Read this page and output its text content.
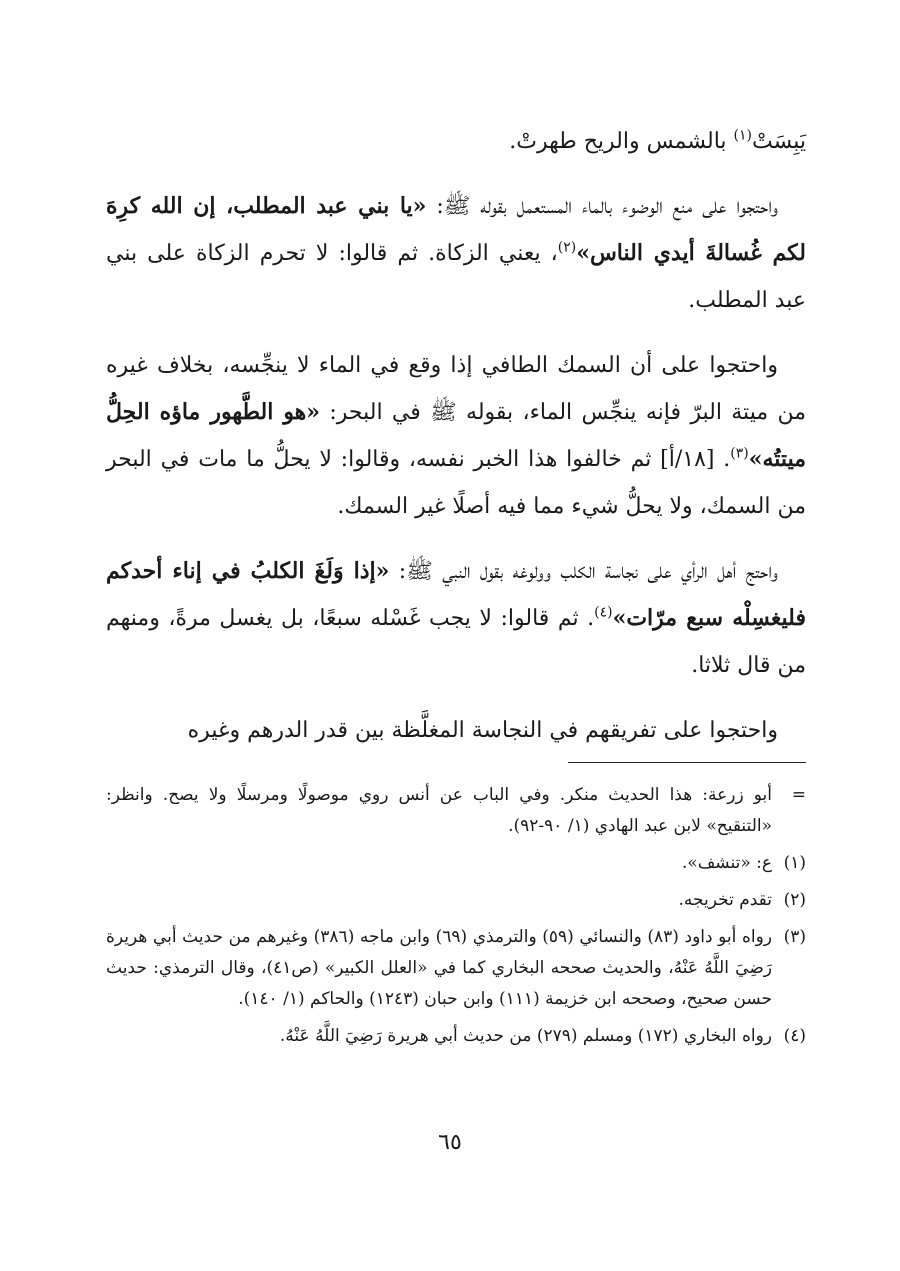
يَبِسَتْ$^{(١)}$ بالشمس والريح طهرتْ.

واحتجوا على منع الوضوء بالماء المستعمل بقوله ﷺ: «يا بني عبد المطلب، إن الله كرِهَ لكم غُسالةَ أيدي الناس»$^{(٢)}$، يعني الزكاة. ثم قالوا: لا تحرم الزكاة على بني عبد المطلب.

واحتجوا على أن السمك الطافي إذا وقع في الماء لا ينجِّسه، بخلاف غيره من ميتة البرّ فإنه ينجِّس الماء، بقوله ﷺ في البحر: «هو الطَّهور ماؤه الحِلُّ ميتتُه»$^{(٣)}$. [١٨/أ] ثم خالفوا هذا الخبر نفسه، وقالوا: لا يحلُّ ما مات في البحر من السمك، ولا يحلُّ شيء مما فيه أصلًا غير السمك.

واحتج أهل الرأي على نجاسة الكلب وولوغه بقول النبي ﷺ: «إذا وَلَغَ الكلبُ في إناء أحدكم فليغسِلْه سبع مرّات»$^{(٤)}$. ثم قالوا: لا يجب غَسْله سبعًا، بل يغسل مرةً، ومنهم من قال ثلاثا.

واحتجوا على تفريقهم في النجاسة المغلَّظة بين قدر الدرهم وغيره

=
أبو زرعة: هذا الحديث منكر. وفي الباب عن أنس روي موصولًا ومرسلًا ولا يصح. وانظر: «التنقيح» لابن عبد الهادي (١/ ٩٠-٩٢).
(١)
ع: «تنشف».
(٢)
تقدم تخريجه.
(٣)
رواه أبو داود (٨٣) والنسائي (٥٩) والترمذي (٦٩) وابن ماجه (٣٨٦) وغيرهم من حديث أبي هريرة رَضِيَ اللَّهُ عَنْهُ، والحديث صححه البخاري كما في «العلل الكبير» (ص٤١)، وقال الترمذي: حديث حسن صحيح، وصححه ابن خزيمة (١١١) وابن حبان (١٢٤٣) والحاكم (١/ ١٤٠).
(٤)
رواه البخاري (١٧٢) ومسلم (٢٧٩) من حديث أبي هريرة رَضِيَ اللَّهُ عَنْهُ.
٦٥
